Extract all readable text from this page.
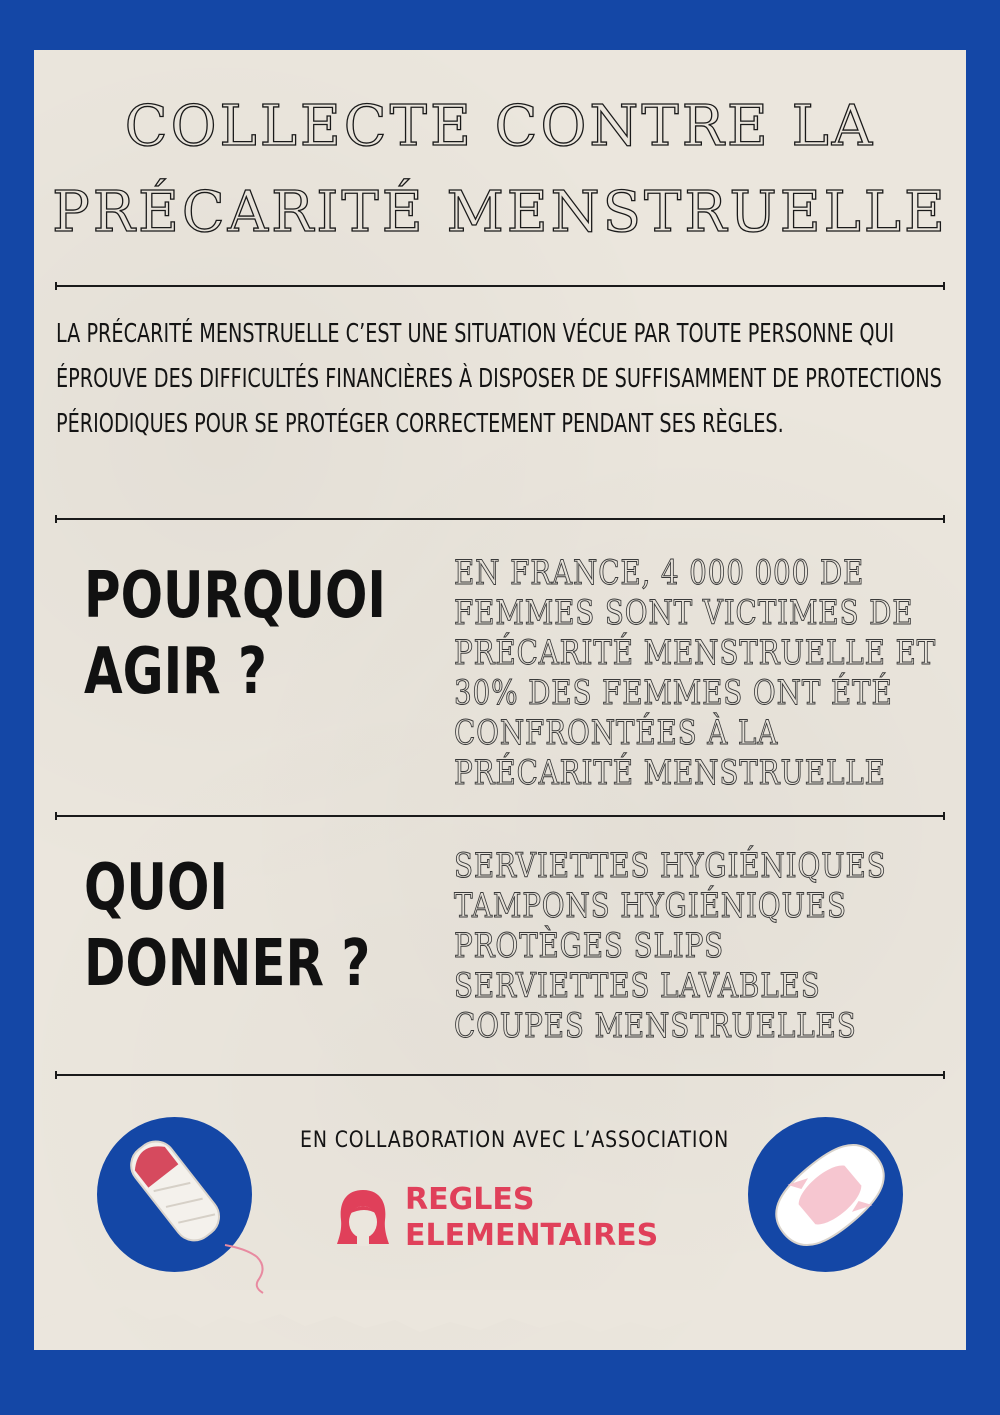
COLLECTE CONTRE LA
PRÉCARITÉ MENSTRUELLE

LA PRÉCARITÉ MENSTRUELLE C’EST UNE SITUATION VÉCUE PAR TOUTE PERSONNE QUI ÉPROUVE DES DIFFICULTÉS FINANCIÈRES À DISPOSER DE SUFFISAMMENT DE PROTECTIONS PÉRIODIQUES POUR SE PROTÉGER CORRECTEMENT PENDANT SES RÈGLES.

POURQUOI
AGIR ?
EN FRANCE, 4 000 000 DE
FEMMES SONT VICTIMES DE
PRÉCARITÉ MENSTRUELLE ET
30% DES FEMMES ONT ÉTÉ
CONFRONTÉES À LA
PRÉCARITÉ MENSTRUELLE
QUOI
DONNER ?
SERVIETTES HYGIÉNIQUES
TAMPONS HYGIÉNIQUES
PROTÈGES SLIPS
SERVIETTES LAVABLES
COUPES MENSTRUELLES
EN COLLABORATION AVEC L’ASSOCIATION
REGLES
ELEMENTAIRES
